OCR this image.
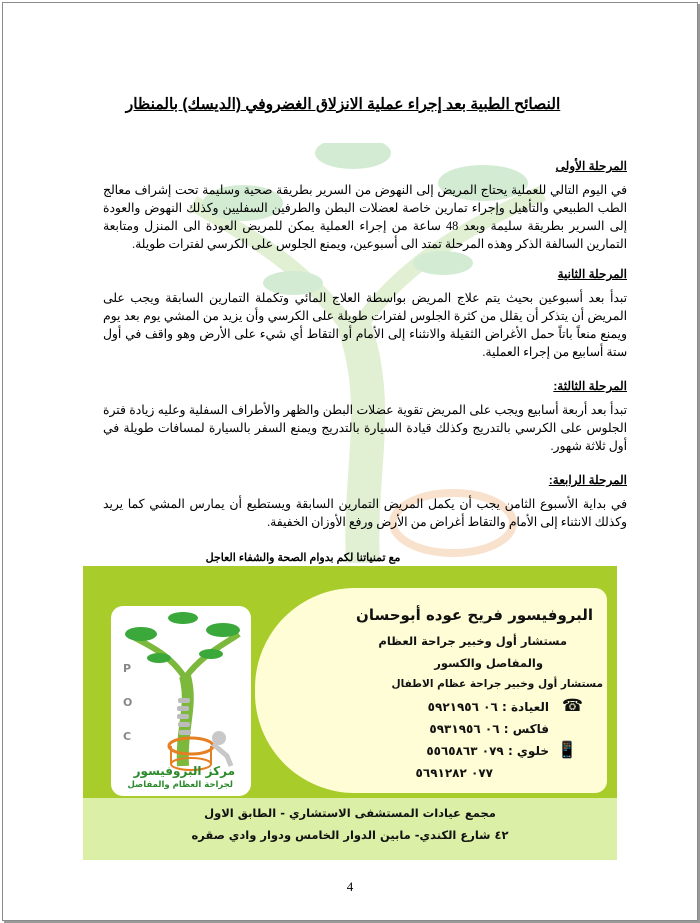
النصائح الطبية بعد إجراء عملية الانزلاق الغضروفي (الديسك) بالمنظار
المرحلة الأولى
في اليوم التالي للعملية يحتاج المريض إلى النهوض من السرير بطريقة صحية وسليمة تحت إشراف معالج الطب الطبيعي والتأهيل وإجراء تمارين خاصة لعضلات البطن والطرفين السفليين وكذلك النهوض والعودة إلى السرير بطريقة سليمة وبعد 48 ساعة من إجراء العملية يمكن للمريض العودة الى المنزل ومتابعة التمارين السالفة الذكر وهذه المرحلة تمتد الى أسبوعين، ويمنع الجلوس على الكرسي لفترات طويلة.
المرحلة الثانية
تبدأ بعد أسبوعين بحيث يتم علاج المريض بواسطة العلاج المائي وتكملة التمارين السابقة ويجب على المريض أن يتذكر أن يقلل من كثرة الجلوس لفترات طويلة على الكرسي وأن يزيد من المشي يوم بعد يوم ويمنع منعاً باتاً حمل الأغراض الثقيلة والانثناء إلى الأمام أو التقاط أي شيء على الأرض وهو واقف في أول ستة أسابيع من إجراء العملية.
المرحلة الثالثة:
تبدأ بعد أربعة أسابيع ويجب على المريض تقوية عضلات البطن والظهر والأطراف السفلية وعليه زيادة فترة الجلوس على الكرسي بالتدريج وكذلك قيادة السيارة بالتدريج ويمنع السفر بالسيارة لمسافات طويلة في أول ثلاثة شهور.
المرحلة الرابعة:
في بداية الأسبوع الثامن يجب أن يكمل المريض التمارين السابقة ويستطيع أن يمارس المشي كما يريد وكذلك الانثناء إلى الأمام والتقاط أغراض من الأرض ورفع الأوزان الخفيفة.
مع تمنياتنا لكم بدوام الصحة والشفاء العاجل
P
O
C
مركز البروفيسور
لجراحة العظام والمفاصل
البروفيسور فريح عوده أبوحسان
مستشار أول وخبير جراحة العظام
والمفاصل والكسور
مستشار أول وخبير جراحة عظام الاطفال
العيادة : ٠٦ ٥٩٢١٩٥٦	☎
فاكس : ٠٦ ٥٩٣١٩٥٦
خلوي : ٠٧٩ ٥٥٦٥٨٦٣	📱
٠٧٧ ٥٦٩١٢٨٢
مجمع عيادات المستشفى الاستشاري - الطابق الاول
٤٢ شارع الكندي- مابين الدوار الخامس ودوار وادي صقره
4
